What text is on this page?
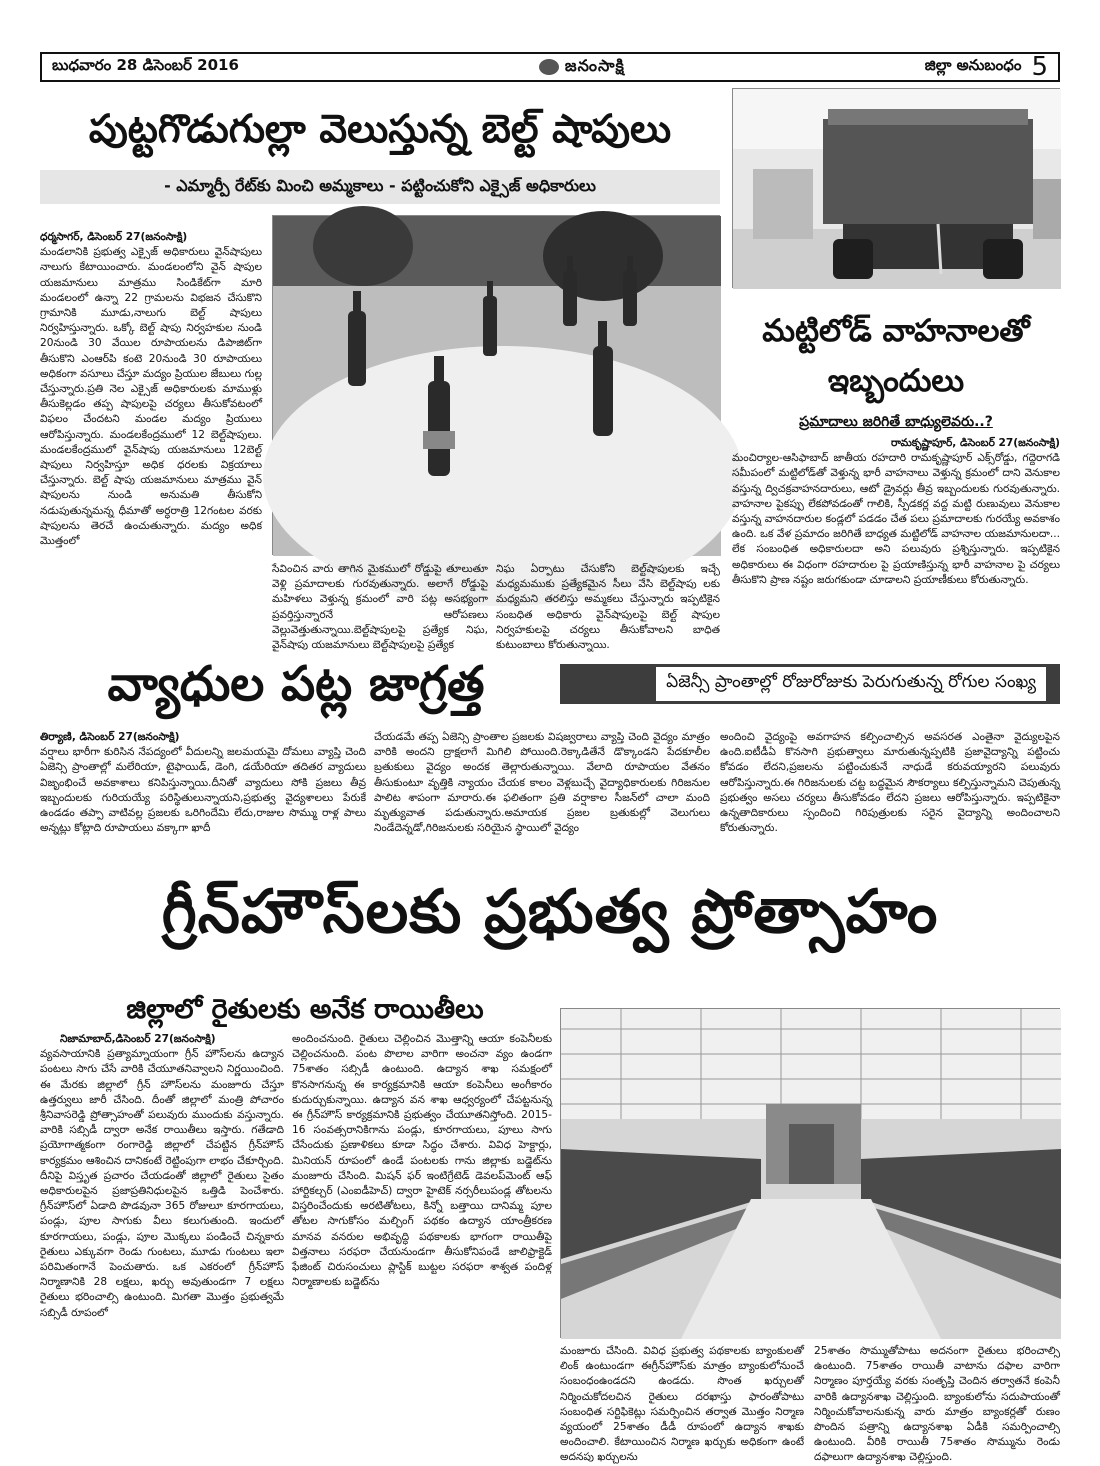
బుధవారం 28 డిసెంబర్ 2016	జనంసాక్షి	జిల్లా అనుబంధం 5
పుట్టగొడుగుల్లా వెలుస్తున్న బెల్ట్ షాపులు
- ఎమ్మార్పీ రేట్‌కు మించి అమ్మకాలు - పట్టించుకోని ఎక్సైజ్ అధికారులు
ధర్మసాగర్, డిసెంబర్ 27(జనంసాక్షి)
మండలానికి ప్రభుత్వ ఎక్సైజ్ అధికారులు వైన్‌షాపులు నాలుగు కేటాయించారు. మండలంలోని వైన్ షాపుల యజమానులు మాత్రము సిండికేట్‌గా మారి మండలంలో ఉన్నా 22 గ్రామలను విభజన చేసుకొని గ్రామానికి మూడు,నాలుగు బెల్ట్ షాపులు నిర్వహిస్తున్నారు. ఒక్కో బెల్ట్ షాపు నిర్వహకుల నుండి 20నుండి 30 వేయిల రూపాయలను డిపాజిట్‌గా తీసుకొని ఎంఆర్‌పి కంటె 20నుండి 30 రూపాయలు అధికంగా వసూలు చేస్తూ మద్యం ప్రియుల జేబులు గుల్ల చేస్తున్నారు.ప్రతి నెల ఎక్సైజ్ అధికారులకు మాముళ్లు తీసుకెల్లడం తప్ప షాపులపై చర్యలు తీసుకోవటంలో విఫలం చేందటని మండల మద్యం ప్రియులు ఆరోపిస్తున్నారు. మండలకేంద్రములో 12 బెల్ట్‌షాపులు. మండలకేంద్రములో వైన్‌షాపు యజమానులు 12బెల్ట్ షాపులు నిర్వహిస్తూ అధిక ధరలకు విక్రయాలు చేస్తున్నారు. బెల్ట్ షాపు యజమానులు మాత్రము వైన్ షాపులను నుండి అనుమతి తీసుకోని నడుపుతున్నమన్న ధీమాతో అర్ధరాత్రి 12గంటల వరకు షాపులను తెరచే ఉంచుతున్నారు. మద్యం అధిక మొత్తంలో
సేవించిన వారు తాగిన మైకములో రోడ్డుపై తూలుతూ వెళ్లి ప్రమాదాలకు గురవుతున్నారు. అలాగే రోడ్డుపై మహిళలు వెళ్తున్న క్రమంలో వారి పట్ల అసభ్యంగా ప్రవర్తిస్తున్నారనే ఆరోపణలు వెల్లువెత్తుతున్నాయి.బెల్ట్‌షాపులపై ప్రత్యేక నిఘ, వైన్‌షాపు యజమానులు బెల్ట్‌షాపులపై ప్రత్యేక
నిఘ ఏర్పాటు చేసుకోని బెల్ట్‌షాపులకు ఇచ్చే మధ్యమముకు ప్రత్యేకమైన సీలు వేసి బెల్ట్‌షాపు లకు మధ్యమని తరలిస్తు అమ్మకలు చేస్తున్నారు ఇప్పటికైన సంబధిత అధికారు వైన్‌షాపులపై బెల్ట్ షాపుల నిర్వహకులపై చర్యలు తీసుకోవాలని బాధిత కుటుంబాలు కోరుతున్నాయి.
మట్టిలోడ్ వాహనాలతో
ఇబ్బందులు
ప్రమాదాలు జరిగితే బాధ్యులెవరు..?
రామకృష్ణాపూర్, డిసెంబర్ 27(జనంసాక్షి)
మంచిర్యాల-ఆసిఫాబాద్ జాతీయ రహదారి రామకృష్ణాపూర్ ఎక్స్‌రోడ్డు, గద్దెరాగడి సమీపంలో మట్టిలోడ్‌తో వెళ్తున్న భారీ వాహనాలు వెళ్తున్న క్రమంలో దాని వెనుకాల వస్తున్న ద్విచక్రవాహనదారులు, ఆటో డ్రైవర్లు తీవ్ర ఇబ్బందులకు గురవుతున్నారు. వాహనాల పైకప్పు లేకపోవడంతో గాలికి, స్పీడకర్ల వద్ద మట్టి రుణువులు వెనుకాల వస్తున్న వాహనదారుల కండ్లలో పడడం చేత పలు ప్రమాదాలకు గురయ్యే అవకాశం ఉంది. ఒక వేళ ప్రమాదం జరిగితే బాధ్యత మట్టిలోడ్ వాహనాల యజమానులదా... లేక సంబంధిత అధికారులదా అని పలువురు ప్రశ్నిస్తున్నారు. ఇప్పటికైన అధికారులు ఈ విధంగా రహదారుల పై ప్రయాణిస్తున్న భారీ వాహనాల పై చర్యలు తీసుకొని ప్రాణ నష్టం జరుగకుండా చూడాలని ప్రయాణీకులు కోరుతున్నారు.
వ్యాధుల పట్ల జాగ్రత్త	ఏజెన్సీ ప్రాంతాల్లో రోజురోజుకు పెరుగుతున్న రోగుల సంఖ్య
తిర్యాణి, డిసెంబర్ 27(జనంసాక్షి)
వర్షాలు భారీగా కురిసిన నేపద్యంలో వీదులన్ని జలమయమై దోమలు వ్యాప్తి చెంది ఏజెన్సి ప్రాంతాల్లో మలేరియా, టైఫాయిడ్, డెంగి, డయేరియా తదితర వ్యాదులు విజృంభించే అవకాశాలు కనిపిస్తున్నాయి.దీనితో వ్యాదులు సోకి ప్రజలు తీవ్ర ఇబ్బందులకు గురియయ్యే పరిస్థితులున్నాయని,ప్రభుత్వ వైద్యశాలలు పేరుకే ఉండడం తప్పా వాటివల్ల ప్రజలకు ఒరిగిందేమి లేదు,రాజుల సొమ్ము రాళ్ల పాలు అన్నట్లు కోట్లాది రూపాయలు వక్కాగా ఖాదీ
చేయడమే తప్ప ఏజెన్సి ప్రాంతాల ప్రజలకు విషజ్వరాలు వ్యాప్తి చెంది వైద్యం మాత్రం వారికి అందని ద్రాక్షలాగే మిగిలి పోయింది.రెక్కాడితేనే డొక్కాండని పేదకూలీల బ్రతుకులు వైద్యం అందక తెల్లారుతున్నాయి. వేలాది రూపాయల వేతనం తీసుకుంటూ వృత్తికి న్యాయం చేయక కాలం వెళ్లబుచ్చే వైద్యాధికారులకు గిరిజనుల పాలిట శాపంగా మారారు.ఈ ఫలితంగా ప్రతి వర్షాకాల సీజన్‌లో చాలా మంది మృత్యువాత పడుతున్నారు.అమాయక ప్రజల బ్రతుకుల్లో వెలుగులు నిండేదెన్నడో,గిరిజనులకు సరియైన స్థాయిలో వైద్యం
అందించి వైద్యంపై అవగాహన కల్పించాల్సిన అవసరత ఎంతైనా వైద్యులపైన ఉంది.ఐటీడీఏ కొనసాగి ప్రభుత్వాలు మారుతున్నప్పటికి ప్రజావైద్యాన్ని పట్టించు కోవడం లేదని,ప్రజలను పట్టించుకునే నాధుడే కరువయ్యారని పలువురు ఆరోపిస్తున్నారు.ఈ గిరిజనులకు చట్ట బద్ధమైన సౌకర్యాలు కల్పిస్తున్నామని చెపుతున్న ప్రభుత్వం అసలు చర్యలు తీసుకోవడం లేదని ప్రజలు ఆరోపిస్తున్నారు. ఇప్పటికైనా ఉన్నతాదికారులు స్పందించి గిరిపుత్రులకు సరైన వైద్యాన్ని అందించాలని కోరుతున్నారు.
గ్రీన్‌హౌస్‌లకు ప్రభుత్వ ప్రోత్సాహం
జిల్లాలో రైతులకు అనేక రాయితీలు
నిజామాబాద్,డిసెంబర్ 27(జనంసాక్షి)
వ్యవసాయానికి ప్రత్యామ్నాయంగా గ్రీన్ హౌస్‌లను ఉద్యాన పంటలు సాగు చేసే వారికి చేయూతనివ్వాలని నిర్ణయించింది. ఈ మేరకు జిల్లాలో గ్రీన్ హౌస్‌లను మంజూరు చేస్తూ ఉత్తర్వులు జారీ చేసింది. దీంతో జిల్లాలో మంత్రి పోచారం శ్రీనివాసరెడ్డి ప్రోత్సాహంతో పలువురు ముందుకు వస్తున్నారు. వారికి సబ్సిడీ ద్వారా అనేక రాయితీలు ఇస్తారు. గతేడాది ప్రయోగాత్మకంగా రంగారెడ్డి జిల్లాలో చేపట్టిన గ్రీన్‌హౌస్ కార్యక్రమం ఆశించిన దానికంటే రెట్టింపుగా లాభం చేకూర్చింది. దీనిపై విస్తృత ప్రచారం చేయడంతో జిల్లాలో రైతులు సైతం అధికారులపైన ప్రజాప్రతినిధులపైన ఒత్తిడి పెంచేశారు. గ్రీన్‌హౌస్‌లో ఏడాది పొడవునా 365 రోజులూ కూరగాయలు, పండ్లు, పూల సాగుకు వీలు కలుగుతుంది. ఇందులో కూరగాయలు, పండ్లు, పూల మొక్కలు పండించే చిన్నకారు రైతులు ఎక్కువగా రెండు గుంటలు, మూడు గుంటలు ఇలా పరిమితంగానే పెంచుతారు. ఒక ఎకరంలో గ్రీన్‌హౌస్ నిర్మాణానికి 28 లక్షలు, ఖర్చు అవుతుండగా 7 లక్షలు రైతులు భరించాల్సి ఉంటుంది. మిగతా మొత్తం ప్రభుత్వమే సబ్సిడీ రూపంలో
అందించనుంది. రైతులు చెల్లించిన మొత్తాన్ని ఆయా కంపెనీలకు చెల్లించనుంది. పంట పొలాల వారిగా అంచనా వ్యం ఉండగా 75శాతం సబ్సిడీ ఉంటుంది. ఉద్యాన శాఖ సమక్షంలో కొనసాగనున్న ఈ కార్యక్రమానికి ఆయా కంపెనీలు అంగీకారం కుదుర్చుకున్నాయి. ఉద్యాన వన శాఖ ఆధ్వర్యంలో చేపట్టనున్న ఈ గ్రీన్‌హౌస్ కార్యక్రమానికి ప్రభుత్వం చేయూతనిస్తోంది. 2015-16 సంవత్సరానికిగాను పండ్లు, కూరగాయలు, పూలు సాగు చేసేందుకు ప్రణాళికలు కూడా సిద్ధం చేశారు. వివిధ హెక్టార్లు, మినియన్ రూపంలో ఉండే పంటలకు గాను జిల్లాకు బడ్జెట్‌ను మంజూరు చేసింది. మిషన్ ఫర్ ఇంటిగ్రేటెడ్ డెవలప్‌మెంట్ ఆఫ్ హార్టికల్చర్ (ఎంఐడీహెచ్) ద్వారా హైటెక్ నర్సరీలుపండ్ల తోటలను విస్తరించేందుకు అరటితోటలు, కిన్నో బత్తాయి దానిమ్మ పూల తోటల సాగుకోసం మల్చింగ్ పథకం ఉద్యాన యాంత్రీకరణ మానవ వనరుల అభివృద్ధి పథకాలకు భాగంగా రాయితీపై విత్తనాలు సరఫరా చేయనుండగా తీసుకోనిపండే జాలిఫ్రాక్టెడ్ ఫేజింట్ చిరుసంచులు ప్లాస్టిక్ బుట్టల సరఫరా శాశ్వత పందిళ్ల నిర్మాణాలకు బడ్జెట్‌ను
మంజూరు చేసింది. వివిధ ప్రభుత్వ పథకాలకు బ్యాంకులతో లింక్ ఉంటుండగా ఈగ్రీన్‌హౌస్‌కు మాత్రం బ్యాంకులోనుంచే సంబంధంఉండదని ఉండదు. సొంత ఖర్చులతో నిర్మించుకోదలచిన రైతులు దరఖాస్తు ఫారంతోపాటు సంబంధిత సర్టిఫికెట్లు సమర్పించిన తర్వాత మొత్తం నిర్మాణ వ్యయంలో 25శాతం డీడీ రూపంలో ఉద్యాన శాఖకు అందించాలి. కేటాయించిన నిర్మాణ ఖర్చుకు అధికంగా ఉంటే అదనపు ఖర్చులను
25శాతం సొమ్ముతోపాటు అదనంగా రైతులు భరించాల్సి ఉంటుంది. 75శాతం రాయితీ వాటాను దఫాల వారిగా నిర్మాణం పూర్తయ్యే వరకు సంతృప్తి చెందిన తర్వాతనే కంపెనీ వారికి ఉద్యానశాఖ చెల్లిస్తుంది. బ్యాంకులోను సదుపాయంతో నిర్మించుకోవాలనుకున్న వారు మాత్రం బ్యాంకర్లతో రుణం పొందిన పత్రాన్ని ఉద్యానశాఖ ఏడీకి సమర్పించాల్సి ఉంటుంది. వీరికి రాయితీ 75శాతం సొమ్మును రెండు దఫాలుగా ఉద్యానశాఖ చెల్లిస్తుంది.
